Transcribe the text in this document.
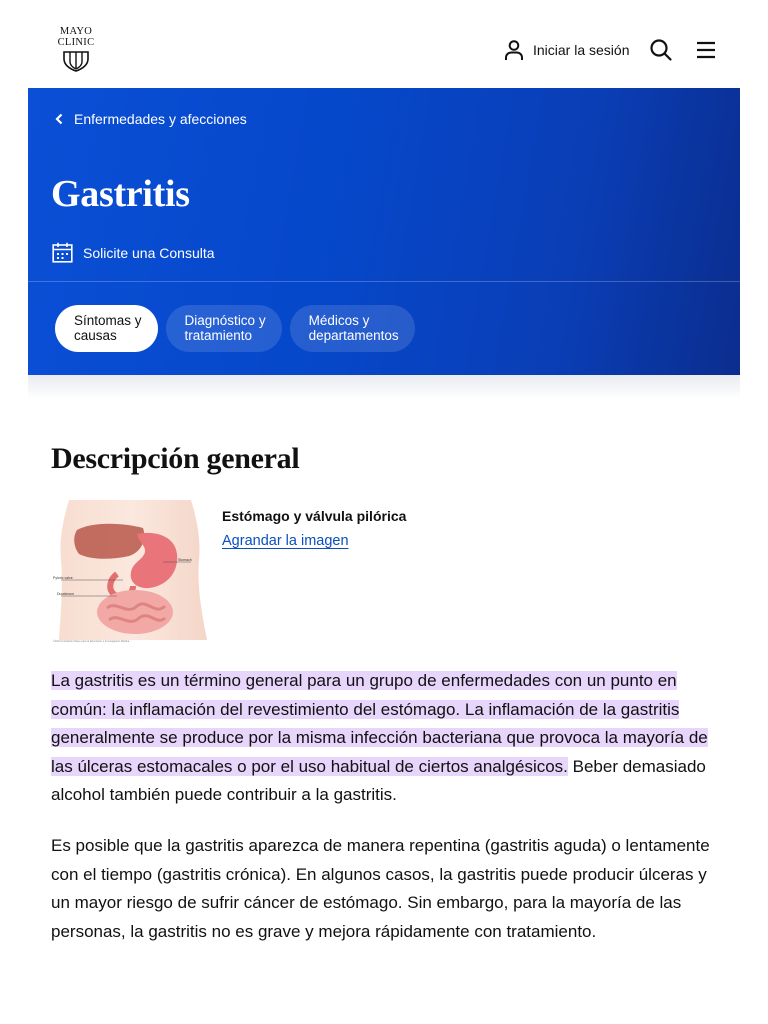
MAYO
CLINIC	Iniciar la sesión
Enfermedades y afecciones
Gastritis
Solicite una Consulta
Síntomas y
causas
Diagnóstico y
tratamiento
Médicos y
departamentos
Descripción general
Stomach
Pyloric valve
Duodenum
©2014 Fundación Mayo para la Educación e Investigación Médica
Estómago y válvula pilórica
Agrandar la imagen

La gastritis es un término general para un grupo de enfermedades con un punto en común: la inflamación del revestimiento del estómago. La inflamación de la gastritis generalmente se produce por la misma infección bacteriana que provoca la mayoría de las úlceras estomacales o por el uso habitual de ciertos analgésicos. Beber demasiado alcohol también puede contribuir a la gastritis.

Es posible que la gastritis aparezca de manera repentina (gastritis aguda) o lentamente con el tiempo (gastritis crónica). En algunos casos, la gastritis puede producir úlceras y un mayor riesgo de sufrir cáncer de estómago. Sin embargo, para la mayoría de las personas, la gastritis no es grave y mejora rápidamente con tratamiento.
